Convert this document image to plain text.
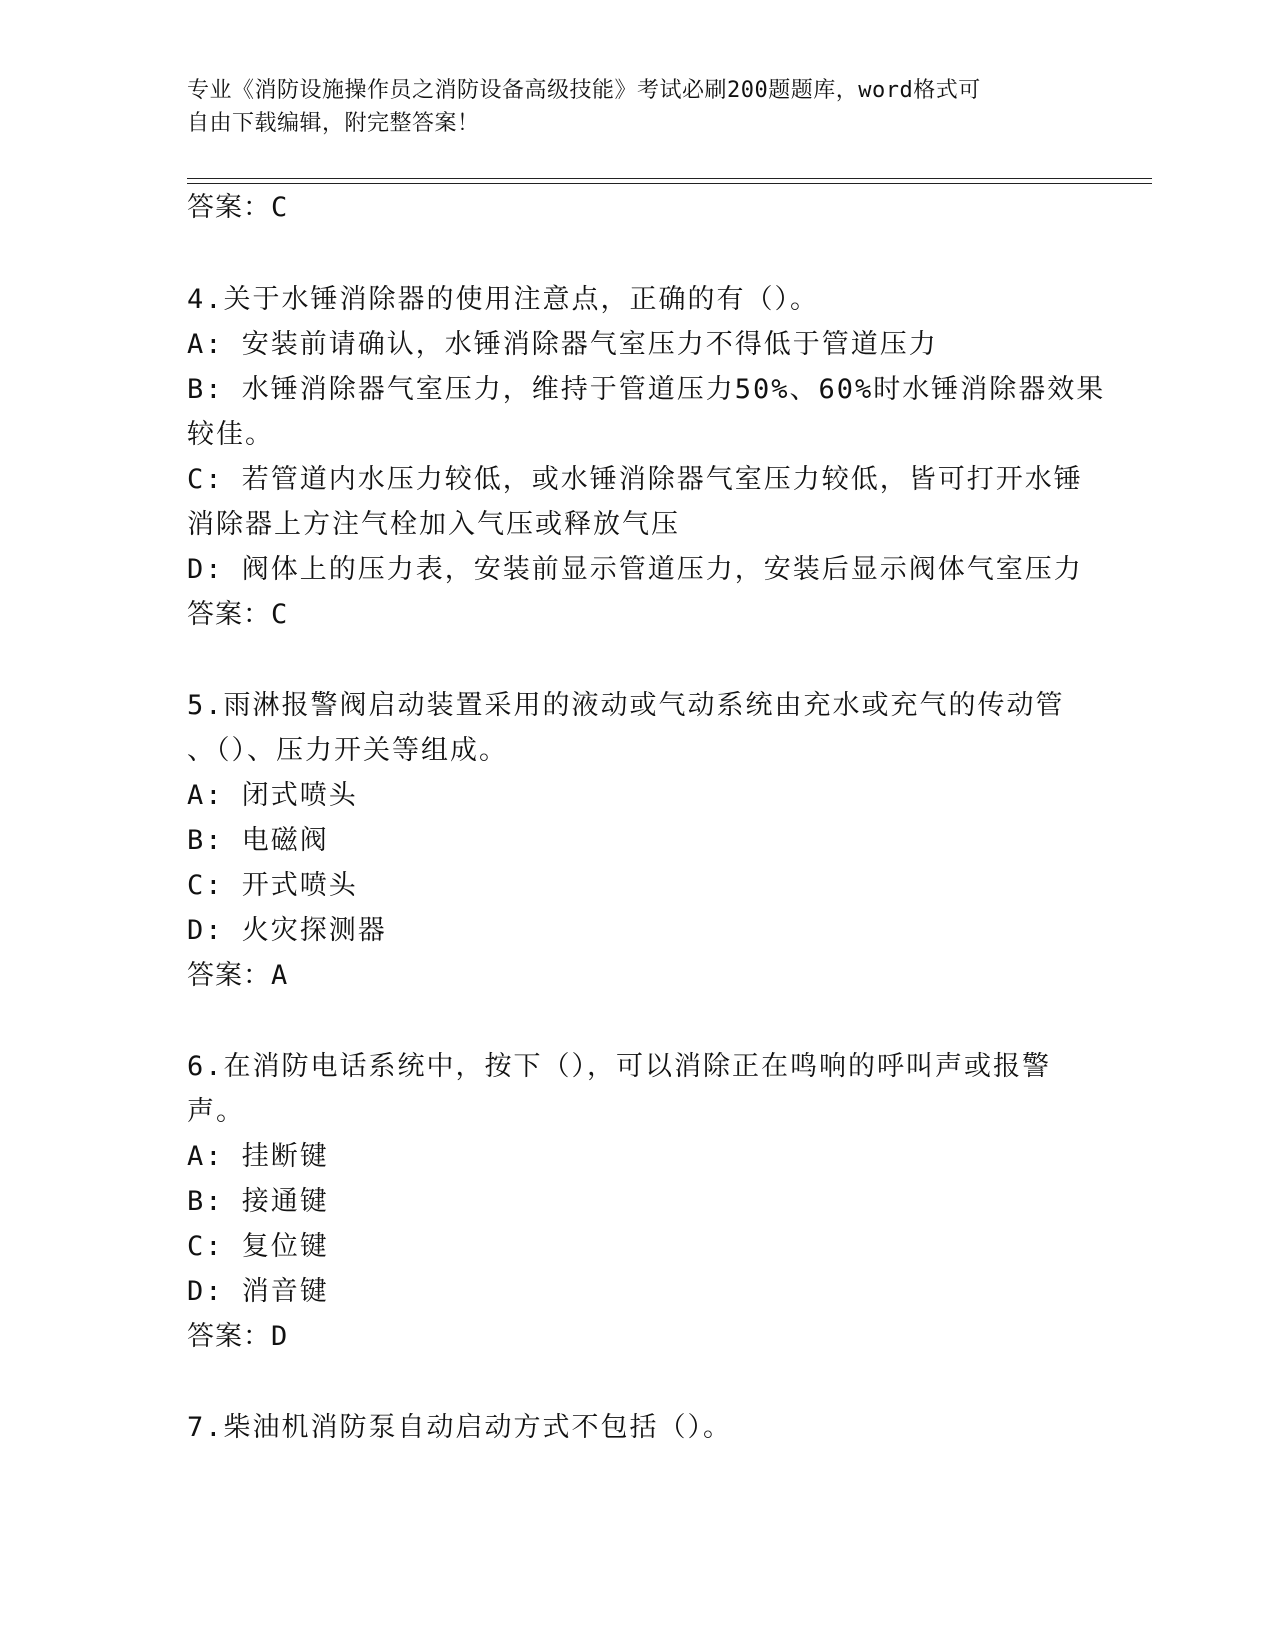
专业《消防设施操作员之消防设备高级技能》考试必刷200题题库，word格式可
自由下载编辑，附完整答案！
答案：C
4.关于水锤消除器的使用注意点，正确的有（）。
A: 安装前请确认，水锤消除器气室压力不得低于管道压力
B: 水锤消除器气室压力，维持于管道压力50%、60%时水锤消除器效果
较佳。
C: 若管道内水压力较低，或水锤消除器气室压力较低，皆可打开水锤
消除器上方注气栓加入气压或释放气压
D: 阀体上的压力表，安装前显示管道压力，安装后显示阀体气室压力
答案：C
5.雨淋报警阀启动装置采用的液动或气动系统由充水或充气的传动管
、（）、压力开关等组成。
A: 闭式喷头
B: 电磁阀
C: 开式喷头
D: 火灾探测器
答案：A
6.在消防电话系统中，按下（），可以消除正在鸣响的呼叫声或报警
声。
A: 挂断键
B: 接通键
C: 复位键
D: 消音键
答案：D
7.柴油机消防泵自动启动方式不包括（）。
